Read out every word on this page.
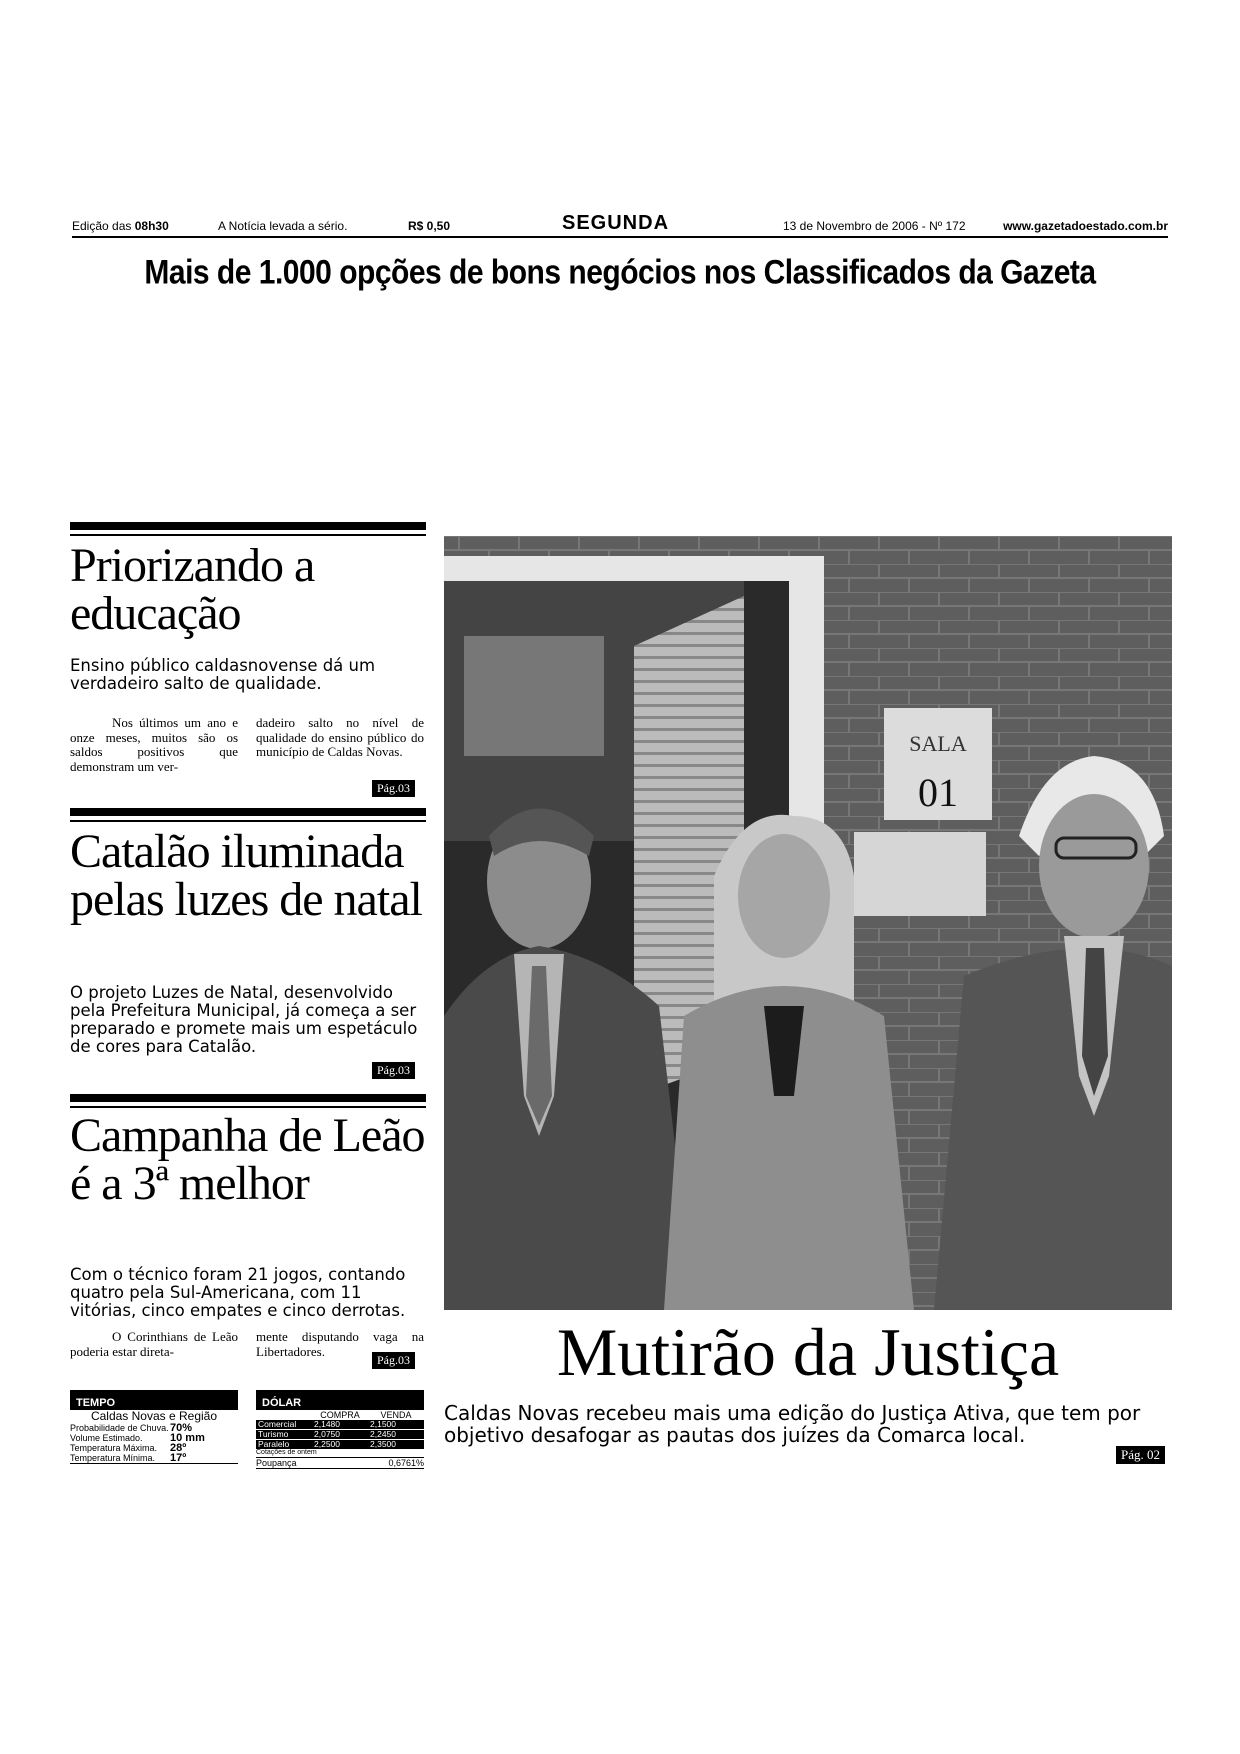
Edição das 08h30	A Notícia levada a sério.	R$ 0,50	SEGUNDA	13 de Novembro de 2006 - Nº 172	www.gazetadoestado.com.br
Mais de 1.000 opções de bons negócios nos Classificados da Gazeta
Priorizando a educação
Ensino público caldasnovense dá um verdadeiro salto de qualidade.
Nos últimos um ano e onze meses, muitos são os saldos positivos que demonstram um ver-
dadeiro salto no nível de qualidade do ensino público do município de Caldas Novas.
Pág.03
Catalão iluminada pelas luzes de natal
O projeto Luzes de Natal, desenvolvido pela Prefeitura Municipal, já começa a ser preparado e promete mais um espetáculo de cores para Catalão.
Pág.03
Campanha de Leão é a 3ª melhor
Com o técnico foram 21 jogos, contando quatro pela Sul-Americana, com 11 vitórias, cinco empates e cinco derrotas.
O Corinthians de Leão poderia estar direta-
mente disputando vaga na Libertadores.
Pág.03
TEMPO
Caldas Novas e Região
Probabilidade de Chuva. 70%
Volume Estimado.	10 mm
Temperatura Máxima.	28º
Temperatura Mínima.	17º
DÓLAR
COMPRA	VENDA
Comercial	2,1480	2,1500
Turismo	2,0750	2,2450
Paralelo	2,2500	2,3500
Cotações de ontem
Poupança	0,6761%
SALA
01
Mutirão da Justiça
Caldas Novas recebeu mais uma edição do Justiça Ativa, que tem por objetivo desafogar as pautas dos juízes da Comarca local.
Pág. 02
